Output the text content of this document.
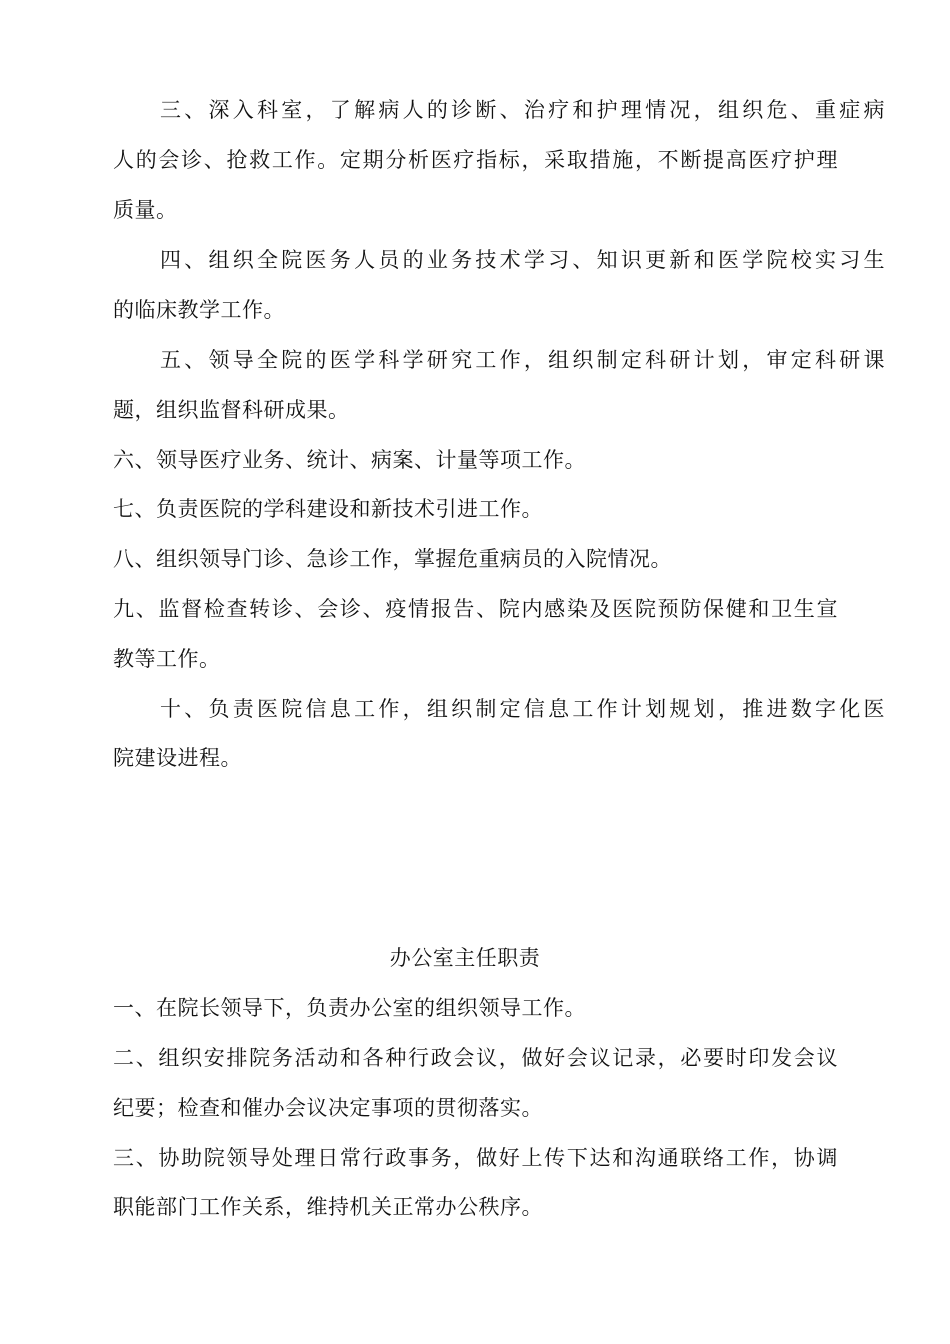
三、深入科室，了解病人的诊断、治疗和护理情况，组织危、重症病
人的会诊、抢救工作。定期分析医疗指标，采取措施，不断提高医疗护理
质量。
四、组织全院医务人员的业务技术学习、知识更新和医学院校实习生
的临床教学工作。
五、领导全院的医学科学研究工作，组织制定科研计划，审定科研课
题，组织监督科研成果。
六、领导医疗业务、统计、病案、计量等项工作。
七、负责医院的学科建设和新技术引进工作。
八、组织领导门诊、急诊工作，掌握危重病员的入院情况。
九、监督检查转诊、会诊、疫情报告、院内感染及医院预防保健和卫生宣
教等工作。
十、负责医院信息工作，组织制定信息工作计划规划，推进数字化医
院建设进程。
办公室主任职责
一、在院长领导下，负责办公室的组织领导工作。
二、组织安排院务活动和各种行政会议，做好会议记录，必要时印发会议
纪要；检查和催办会议决定事项的贯彻落实。
三、协助院领导处理日常行政事务，做好上传下达和沟通联络工作，协调
职能部门工作关系，维持机关正常办公秩序。
